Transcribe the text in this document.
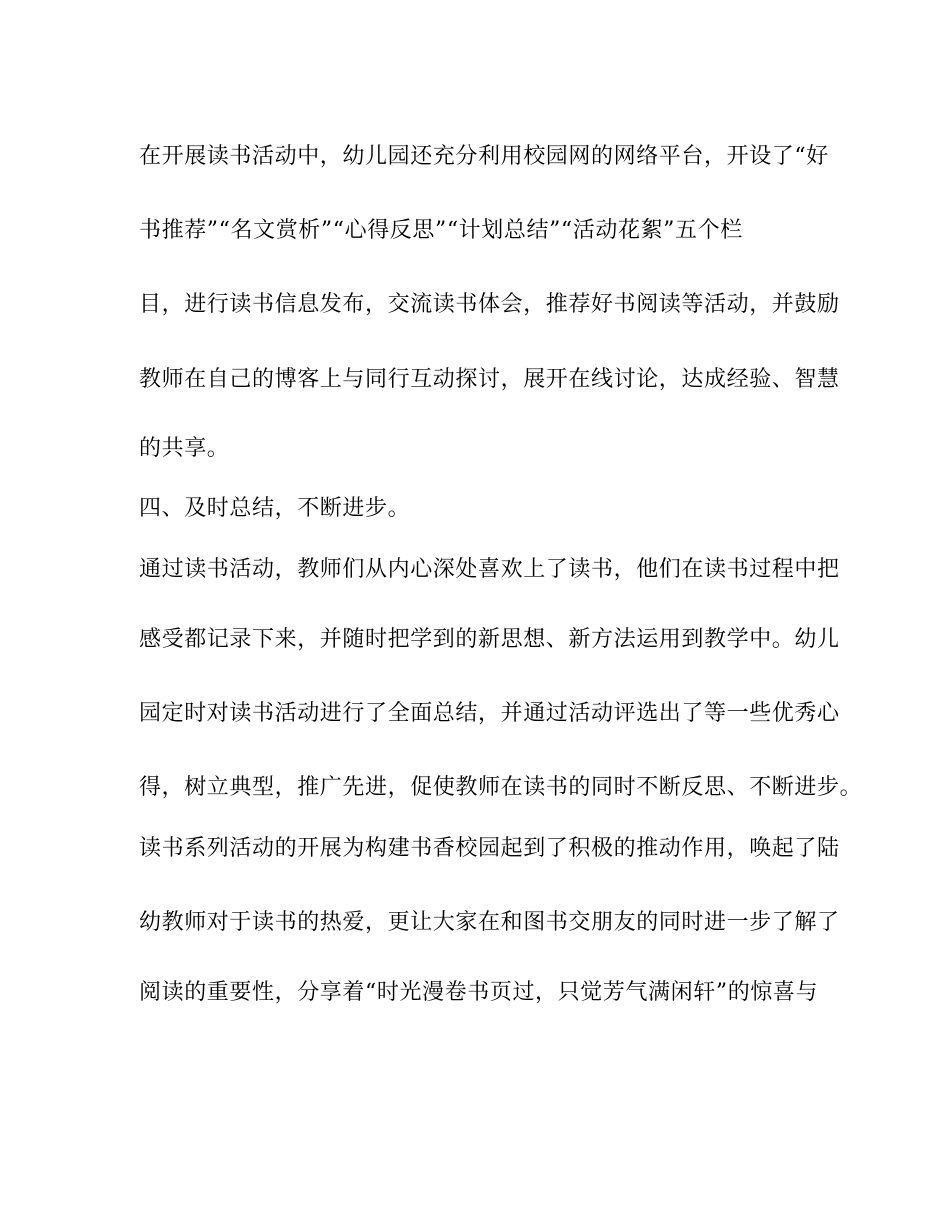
在开展读书活动中，幼儿园还充分利用校园网的网络平台，开设了“好
书推荐”“名文赏析”“心得反思”“计划总结”“活动花絮”五个栏
目，进行读书信息发布，交流读书体会，推荐好书阅读等活动，并鼓励
教师在自己的博客上与同行互动探讨，展开在线讨论，达成经验、智慧
的共享。
四、及时总结，不断进步。
通过读书活动，教师们从内心深处喜欢上了读书，他们在读书过程中把
感受都记录下来，并随时把学到的新思想、新方法运用到教学中。幼儿
园定时对读书活动进行了全面总结，并通过活动评选出了等一些优秀心
得，树立典型，推广先进，促使教师在读书的同时不断反思、不断进步。
读书系列活动的开展为构建书香校园起到了积极的推动作用，唤起了陆
幼教师对于读书的热爱，更让大家在和图书交朋友的同时进一步了解了
阅读的重要性，分享着“时光漫卷书页过，只觉芳气满闲轩”的惊喜与
